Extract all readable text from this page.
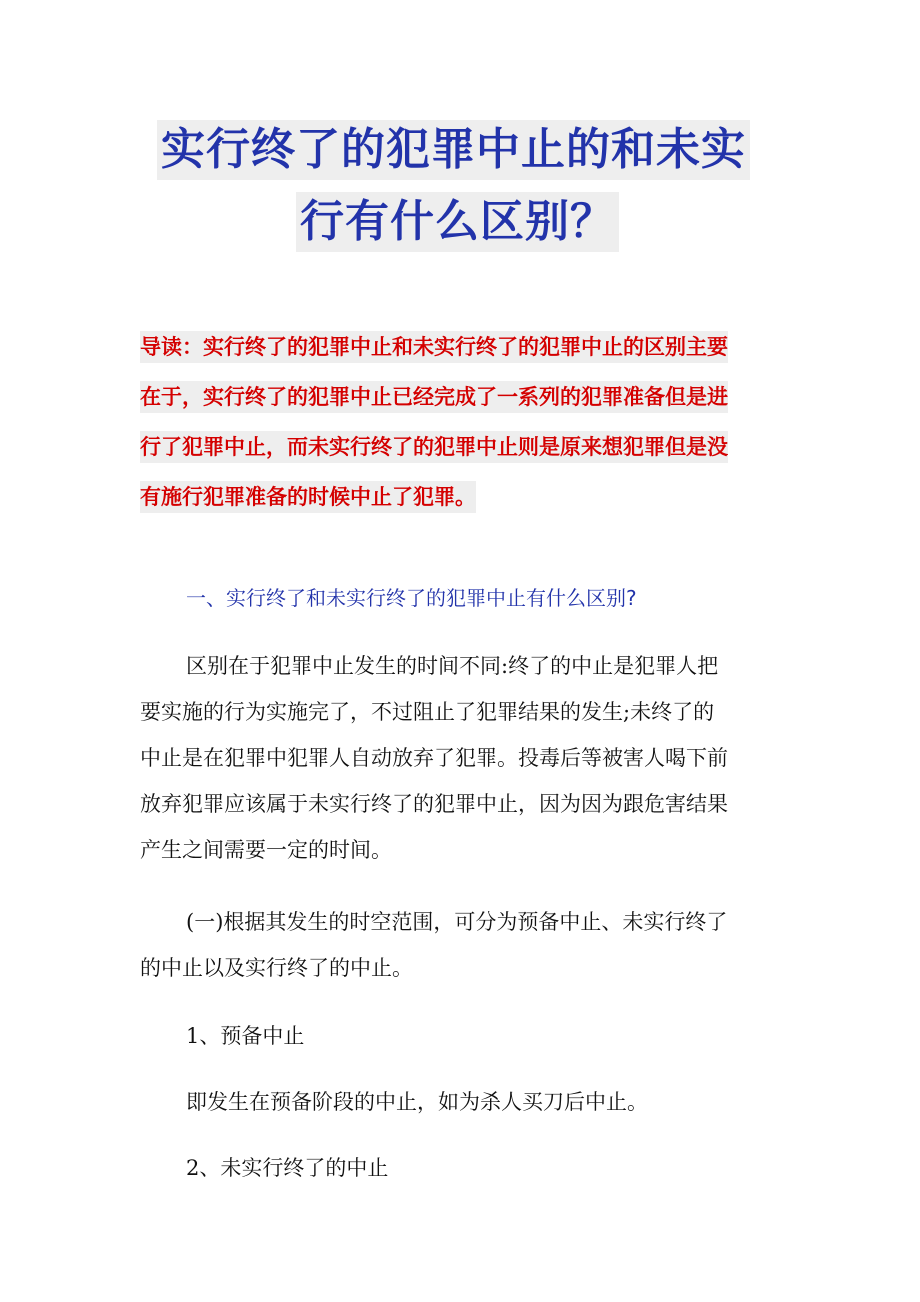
实行终了的犯罪中止的和未实
行有什么区别？
导读：实行终了的犯罪中止和未实行终了的犯罪中止的区别主要
在于，实行终了的犯罪中止已经完成了一系列的犯罪准备但是进
行了犯罪中止，而未实行终了的犯罪中止则是原来想犯罪但是没
有施行犯罪准备的时候中止了犯罪。
一、实行终了和未实行终了的犯罪中止有什么区别?
区别在于犯罪中止发生的时间不同:终了的中止是犯罪人把
要实施的行为实施完了，不过阻止了犯罪结果的发生;未终了的
中止是在犯罪中犯罪人自动放弃了犯罪。投毒后等被害人喝下前
放弃犯罪应该属于未实行终了的犯罪中止，因为因为跟危害结果
产生之间需要一定的时间。
(一)根据其发生的时空范围，可分为预备中止、未实行终了
的中止以及实行终了的中止。
1、预备中止
即发生在预备阶段的中止，如为杀人买刀后中止。
2、未实行终了的中止
